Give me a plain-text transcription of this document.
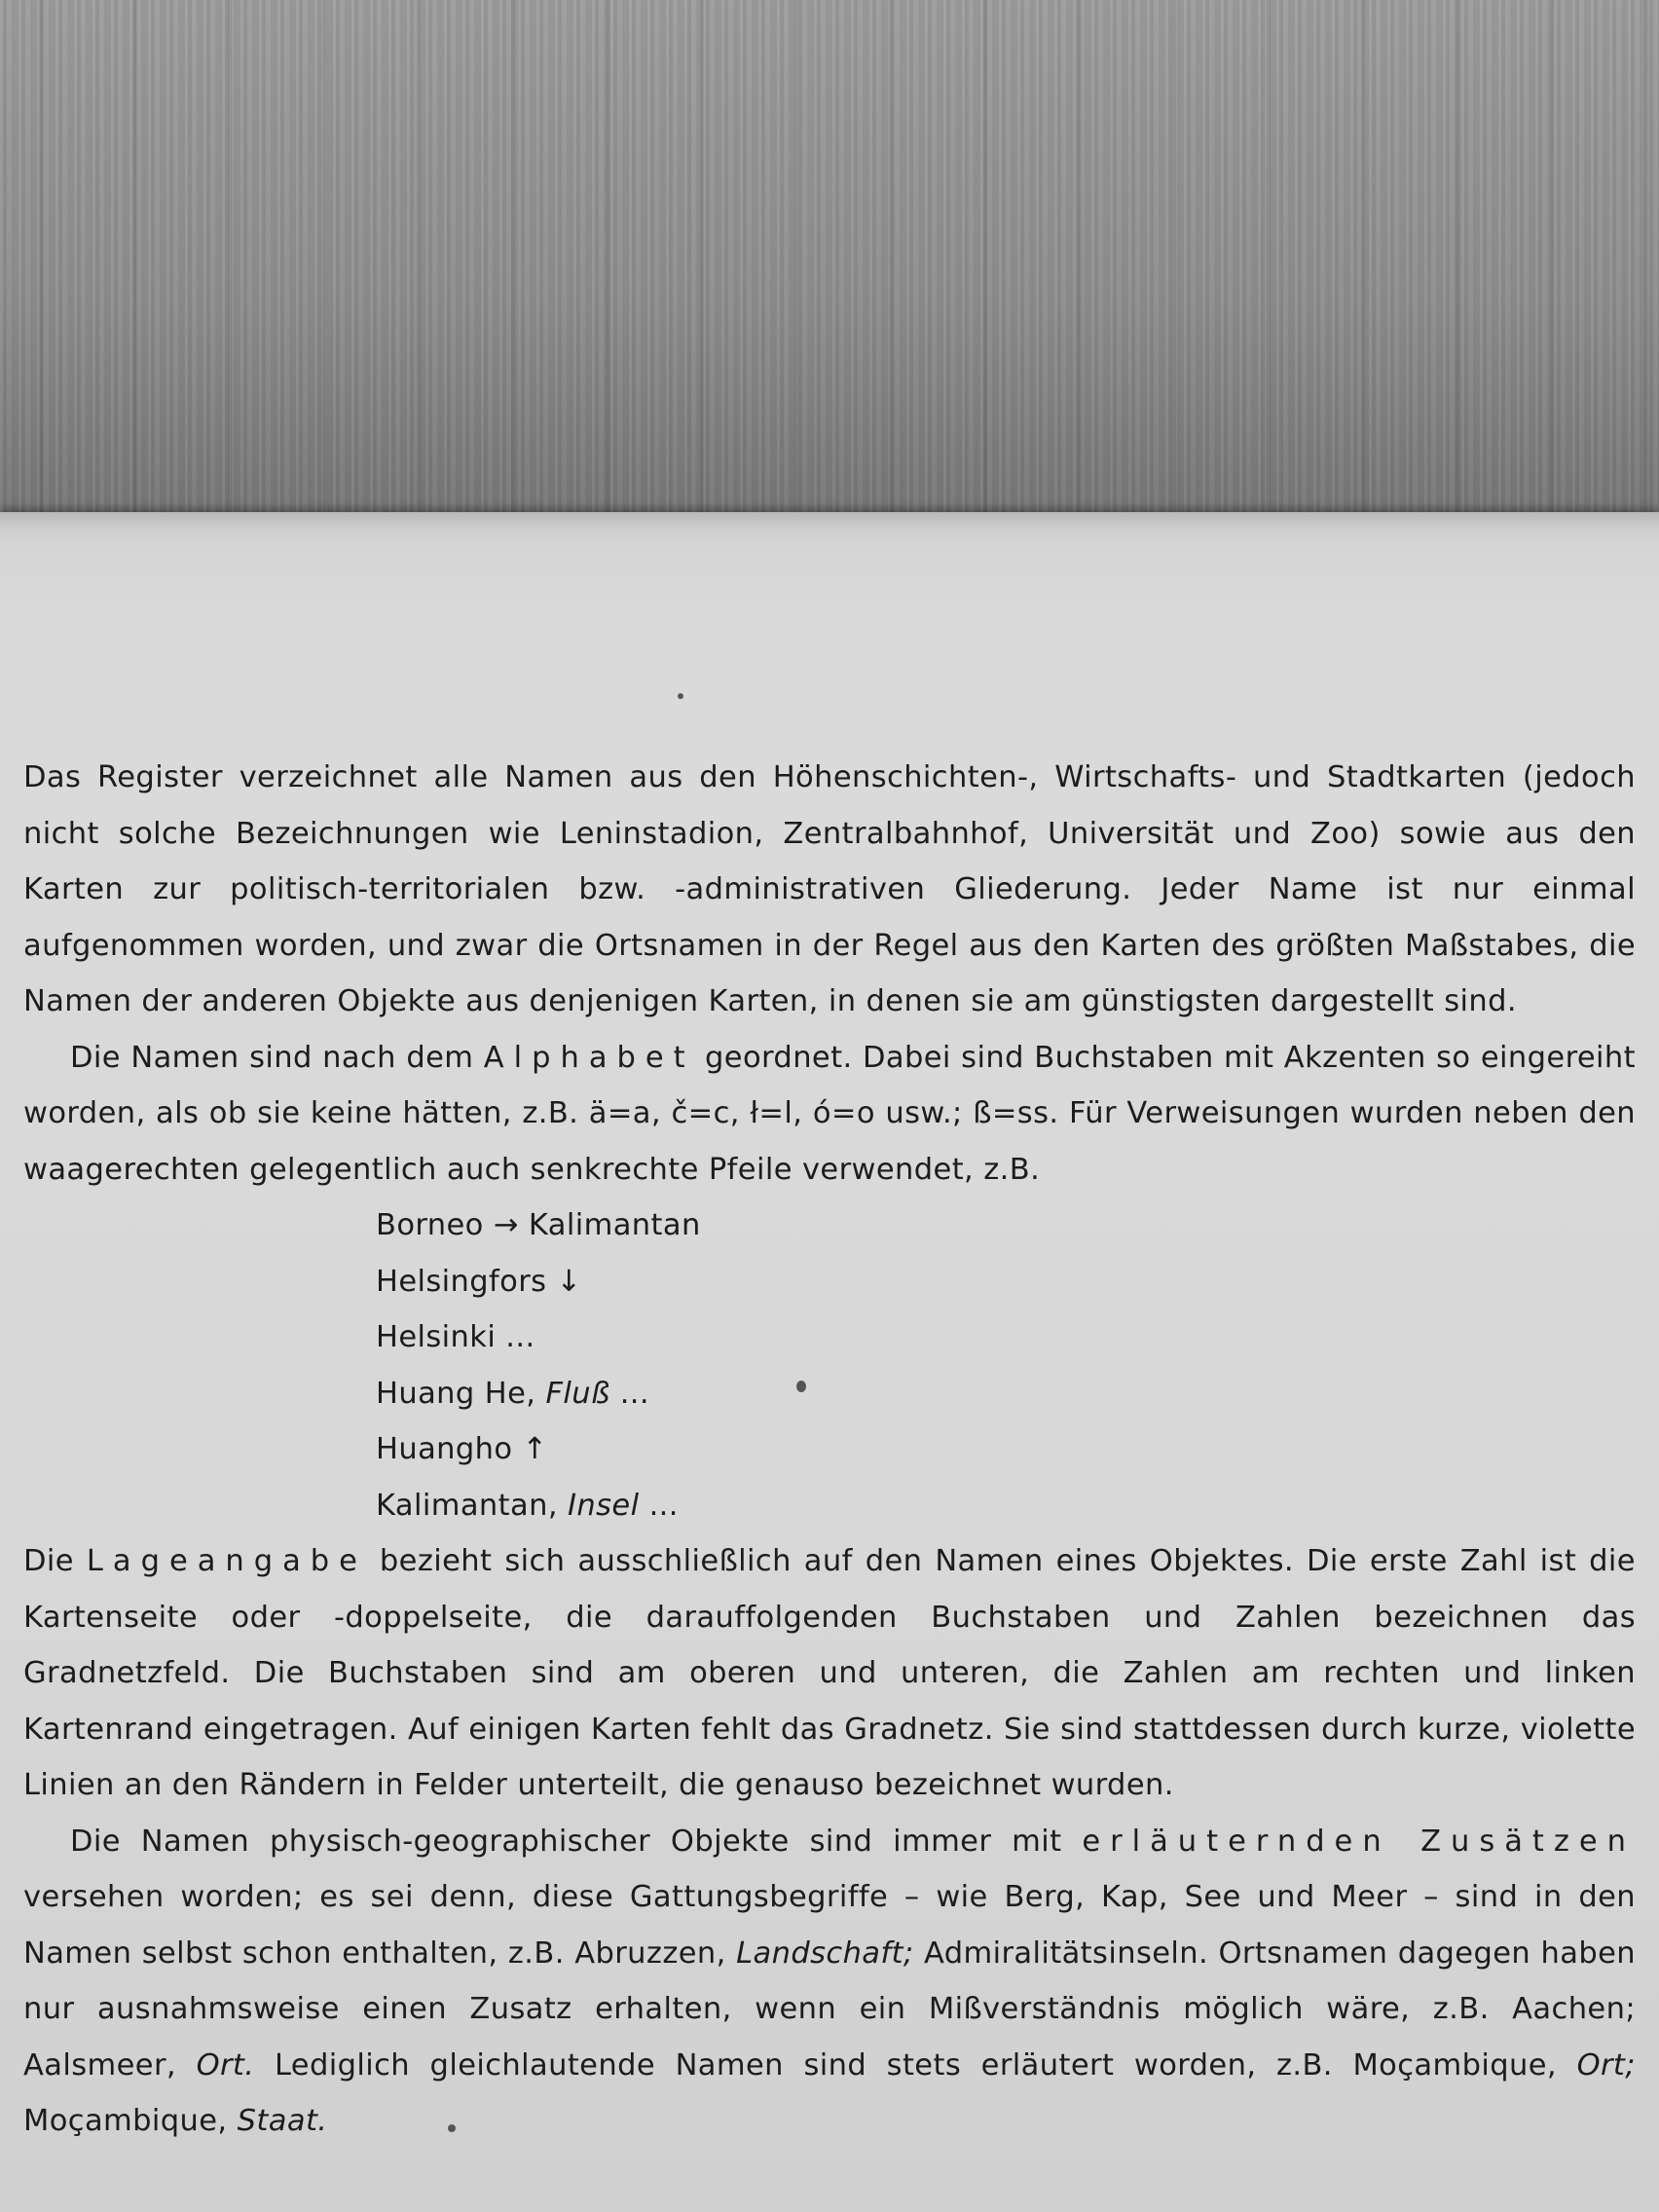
Das Register verzeichnet alle Namen aus den Höhenschichten-, Wirtschafts- und Stadtkarten (jedoch nicht solche Bezeichnungen wie Leninstadion, Zentralbahnhof, Universität und Zoo) sowie aus den Karten zur politisch-territorialen bzw. -administrativen Gliederung. Jeder Name ist nur einmal aufgenommen worden, und zwar die Ortsnamen in der Regel aus den Karten des größten Maßstabes, die Namen der anderen Objekte aus denjenigen Karten, in denen sie am günstigsten dargestellt sind.

Die Namen sind nach dem Alphabet geordnet. Dabei sind Buchstaben mit Akzenten so eingereiht worden, als ob sie keine hätten, z.B. ä=a, č=c, ł=l, ó=o usw.; ß=ss. Für Verweisungen wurden neben den waagerechten gelegentlich auch senkrechte Pfeile verwendet, z.B.

Borneo → Kalimantan
Helsingfors ↓
Helsinki ...
Huang He, Fluß ...
Huangho ↑
Kalimantan, Insel ...

Die Lageangabe bezieht sich ausschließlich auf den Namen eines Objektes. Die erste Zahl ist die Kartenseite oder -doppelseite, die darauffolgenden Buchstaben und Zahlen bezeichnen das Gradnetzfeld. Die Buchstaben sind am oberen und unteren, die Zahlen am rechten und linken Kartenrand eingetragen. Auf einigen Karten fehlt das Gradnetz. Sie sind stattdessen durch kurze, violette Linien an den Rändern in Felder unterteilt, die genauso bezeichnet wurden.

Die Namen physisch-geographischer Objekte sind immer mit erläuternden Zusätzen versehen worden; es sei denn, diese Gattungsbegriffe – wie Berg, Kap, See und Meer – sind in den Namen selbst schon enthalten, z.B. Abruzzen, Landschaft; Admiralitätsinseln. Ortsnamen dagegen haben nur ausnahmsweise einen Zusatz erhalten, wenn ein Mißverständnis möglich wäre, z.B. Aachen; Aalsmeer, Ort. Lediglich gleichlautende Namen sind stets erläutert worden, z.B. Moçambique, Ort; Moçambique, Staat.
